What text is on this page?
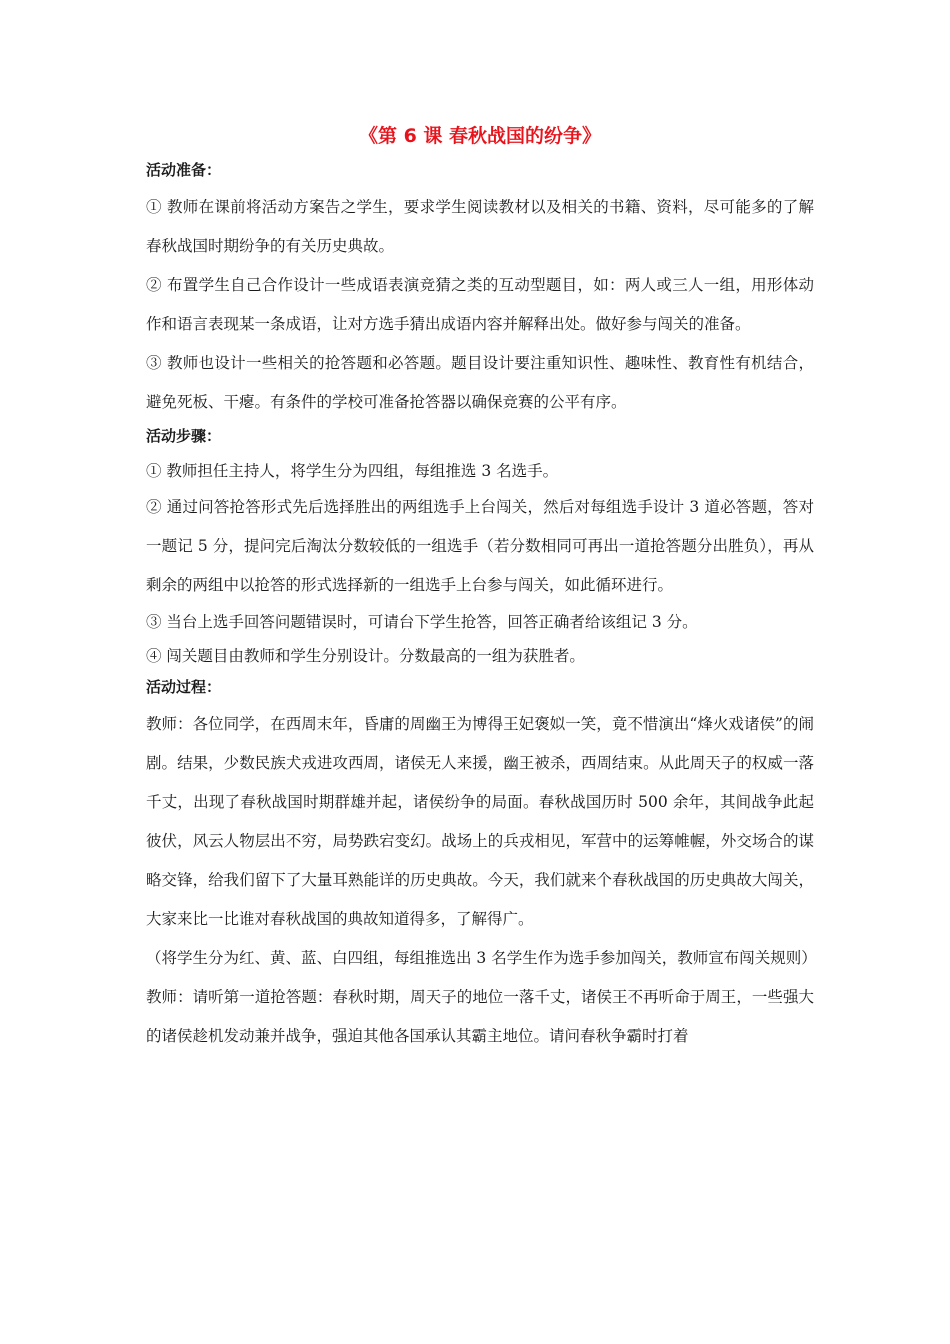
《第 6 课 春秋战国的纷争》
活动准备：

① 教师在课前将活动方案告之学生，要求学生阅读教材以及相关的书籍、资料，尽可能多的了解春秋战国时期纷争的有关历史典故。

② 布置学生自己合作设计一些成语表演竞猜之类的互动型题目，如：两人或三人一组，用形体动作和语言表现某一条成语，让对方选手猜出成语内容并解释出处。做好参与闯关的准备。

③ 教师也设计一些相关的抢答题和必答题。题目设计要注重知识性、趣味性、教育性有机结合，避免死板、干瘪。有条件的学校可准备抢答器以确保竞赛的公平有序。

活动步骤：

① 教师担任主持人，将学生分为四组，每组推选 3 名选手。

② 通过问答抢答形式先后选择胜出的两组选手上台闯关，然后对每组选手设计 3 道必答题，答对一题记 5 分，提问完后淘汰分数较低的一组选手（若分数相同可再出一道抢答题分出胜负），再从剩余的两组中以抢答的形式选择新的一组选手上台参与闯关，如此循环进行。

③ 当台上选手回答问题错误时，可请台下学生抢答，回答正确者给该组记 3 分。

④ 闯关题目由教师和学生分别设计。分数最高的一组为获胜者。

活动过程：

教师：各位同学，在西周末年，昏庸的周幽王为博得王妃褒姒一笑，竟不惜演出“烽火戏诸侯”的闹剧。结果，少数民族犬戎进攻西周，诸侯无人来援，幽王被杀，西周结束。从此周天子的权威一落千丈，出现了春秋战国时期群雄并起，诸侯纷争的局面。春秋战国历时 500 余年，其间战争此起彼伏，风云人物层出不穷，局势跌宕变幻。战场上的兵戎相见，军营中的运筹帷幄，外交场合的谋略交锋，给我们留下了大量耳熟能详的历史典故。今天，我们就来个春秋战国的历史典故大闯关，大家来比一比谁对春秋战国的典故知道得多，了解得广。

（将学生分为红、黄、蓝、白四组，每组推选出 3 名学生作为选手参加闯关，教师宣布闯关规则）

教师：请听第一道抢答题：春秋时期，周天子的地位一落千丈，诸侯王不再听命于周王，一些强大的诸侯趁机发动兼并战争，强迫其他各国承认其霸主地位。请问春秋争霸时打着
